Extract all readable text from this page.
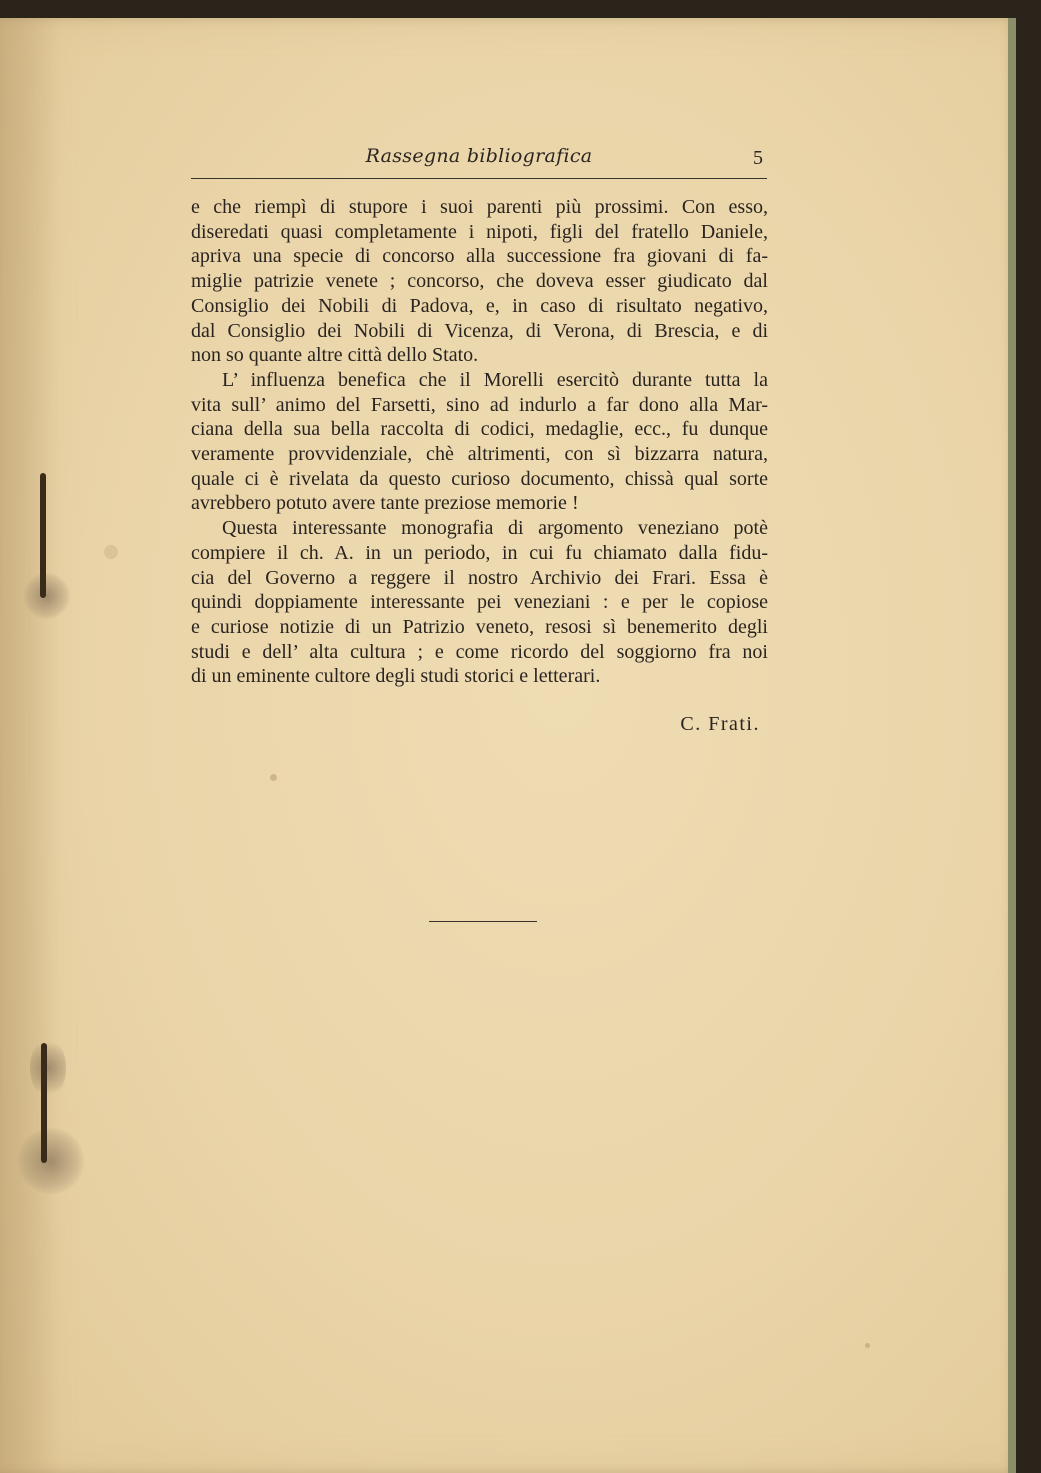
Rassegna bibliografica	5
e che riempì di stupore i suoi parenti più prossimi. Con esso,
diseredati quasi completamente i nipoti, figli del fratello Daniele,
apriva una specie di concorso alla successione fra giovani di fa-
miglie patrizie venete ; concorso, che doveva esser giudicato dal
Consiglio dei Nobili di Padova, e, in caso di risultato negativo,
dal Consiglio dei Nobili di Vicenza, di Verona, di Brescia, e di
non so quante altre città dello Stato.
L’ influenza benefica che il Morelli esercitò durante tutta la
vita sull’ animo del Farsetti, sino ad indurlo a far dono alla Mar-
ciana della sua bella raccolta di codici, medaglie, ecc., fu dunque
veramente provvidenziale, chè altrimenti, con sì bizzarra natura,
quale ci è rivelata da questo curioso documento, chissà qual sorte
avrebbero potuto avere tante preziose memorie !
Questa interessante monografia di argomento veneziano potè
compiere il ch. A. in un periodo, in cui fu chiamato dalla fidu-
cia del Governo a reggere il nostro Archivio dei Frari. Essa è
quindi doppiamente interessante pei veneziani : e per le copiose
e curiose notizie di un Patrizio veneto, resosi sì benemerito degli
studi e dell’ alta cultura ; e come ricordo del soggiorno fra noi
di un eminente cultore degli studi storici e letterari.
C. Frati.
